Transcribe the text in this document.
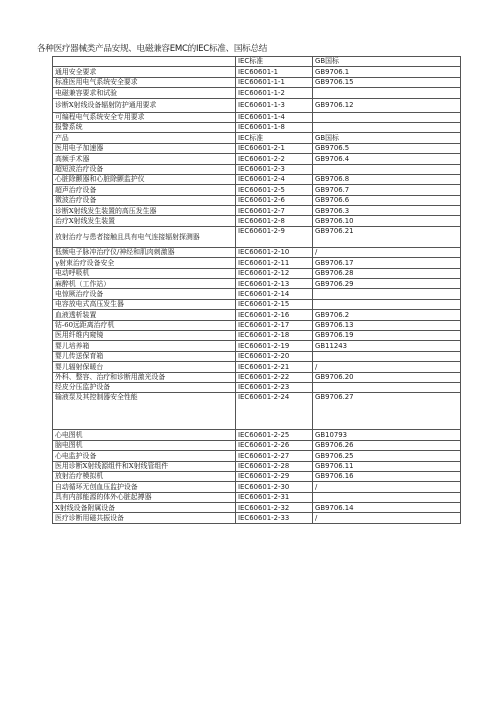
各种医疗器械类产品安规、电磁兼容EMC的IEC标准、国标总结
	IEC标准	GB国标
通用安全要求	IEC60601-1	GB9706.1
标准医用电气系统安全要求	IEC60601-1-1	GB9706.15
电磁兼容要求和试验	IEC60601-1-2	
诊断X射线设备辐射防护通用要求	IEC60601-1-3	GB9706.12
可编程电气系统安全专用要求	IEC60601-1-4	
报警系统	IEC60601-1-8	
产品	IEC标准	GB国标
医用电子加速器	IEC60601-2-1	GB9706.5
高频手术器	IEC60601-2-2	GB9706.4
超短波治疗设备	IEC60601-2-3	
心脏除颤器和心脏除颤监护仪	IEC60601-2-4	GB9706.8
超声治疗设备	IEC60601-2-5	GB9706.7
微波治疗设备	IEC60601-2-6	GB9706.6
诊断X射线发生装置的高压发生器	IEC60601-2-7	GB9706.3
治疗X射线发生装置	IEC60601-2-8	GB9706.10
放射治疗与患者接触且具有电气连接辐射探测器	IEC60601-2-9	GB9706.21
低频电子脉冲治疗仪/神经和肌肉刺激器	IEC60601-2-10	/
γ射束治疗设备安全	IEC60601-2-11	GB9706.17
电动呼吸机	IEC60601-2-12	GB9706.28
麻醉机（工作站）	IEC60601-2-13	GB9706.29
电惊厥治疗设备	IEC60601-2-14	
电容放电式高压发生器	IEC60601-2-15	
血液透析装置	IEC60601-2-16	GB9706.2
钴-60远距离治疗机	IEC60601-2-17	GB9706.13
医用纤维内窥镜	IEC60601-2-18	GB9706.19
婴儿培养箱	IEC60601-2-19	GB11243
婴儿传送保育箱	IEC60601-2-20	
婴儿辐射保暖台	IEC60601-2-21	/
外科、整容、治疗和诊断用激光设备	IEC60601-2-22	GB9706.20
经皮分压监护设备	IEC60601-2-23	
输液泵及其控制器安全性能	IEC60601-2-24	GB9706.27
心电图机	IEC60601-2-25	GB10793
脑电图机	IEC60601-2-26	GB9706.26
心电监护设备	IEC60601-2-27	GB9706.25
医用诊断X射线源组件和X射线管组件	IEC60601-2-28	GB9706.11
放射治疗模拟机	IEC60601-2-29	GB9706.16
自动循环无创血压监护设备	IEC60601-2-30	/
具有内部能源的体外心脏起搏器	IEC60601-2-31	
X射线设备附属设备	IEC60601-2-32	GB9706.14
医疗诊断用磁共振设备	IEC60601-2-33	/
